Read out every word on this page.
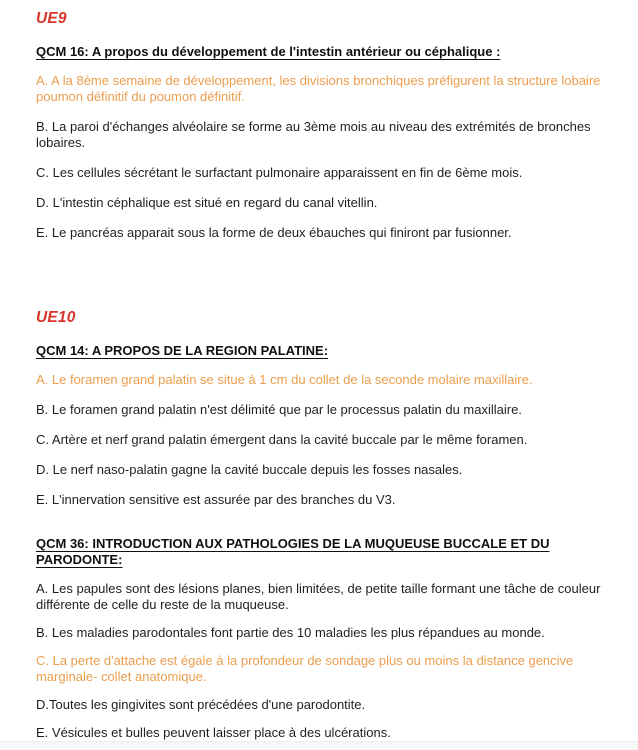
UE9
QCM 16: A propos du développement de l'intestin antérieur ou céphalique :

A. A la 8ème semaine de développement, les divisions bronchiques préfigurent la structure lobaire poumon définitif du poumon définitif.

B. La paroi d'échanges alvéolaire se forme au 3ème mois au niveau des extrémités de bronches lobaires.

C. Les cellules sécrétant le surfactant pulmonaire apparaissent en fin de 6ème mois.

D. L'intestin céphalique est situé en regard du canal vitellin.

E. Le pancréas apparait sous la forme de deux ébauches qui finiront par fusionner.

UE10
QCM 14: A PROPOS DE LA REGION PALATINE:

A. Le foramen grand palatin se situe à 1 cm du collet de la seconde molaire maxillaire.

B. Le foramen grand palatin n'est délimité que par le processus palatin du maxillaire.

C. Artère et nerf grand palatin émergent dans la cavité buccale par le même foramen.

D. Le nerf naso-palatin gagne la cavité buccale depuis les fosses nasales.

E. L'innervation sensitive est assurée par des branches du V3.

QCM 36: INTRODUCTION AUX PATHOLOGIES DE LA MUQUEUSE BUCCALE ET DU PARODONTE:

A. Les papules sont des lésions planes, bien limitées, de petite taille formant une tâche de couleur différente de celle du reste de la muqueuse.

B. Les maladies parodontales font partie des 10 maladies les plus répandues au monde.

C. La perte d'attache est égale à la profondeur de sondage plus ou moins la distance gencive marginale- collet anatomique.

D.Toutes les gingivites sont précédées d'une parodontite.

E. Vésicules et bulles peuvent laisser place à des ulcérations.
